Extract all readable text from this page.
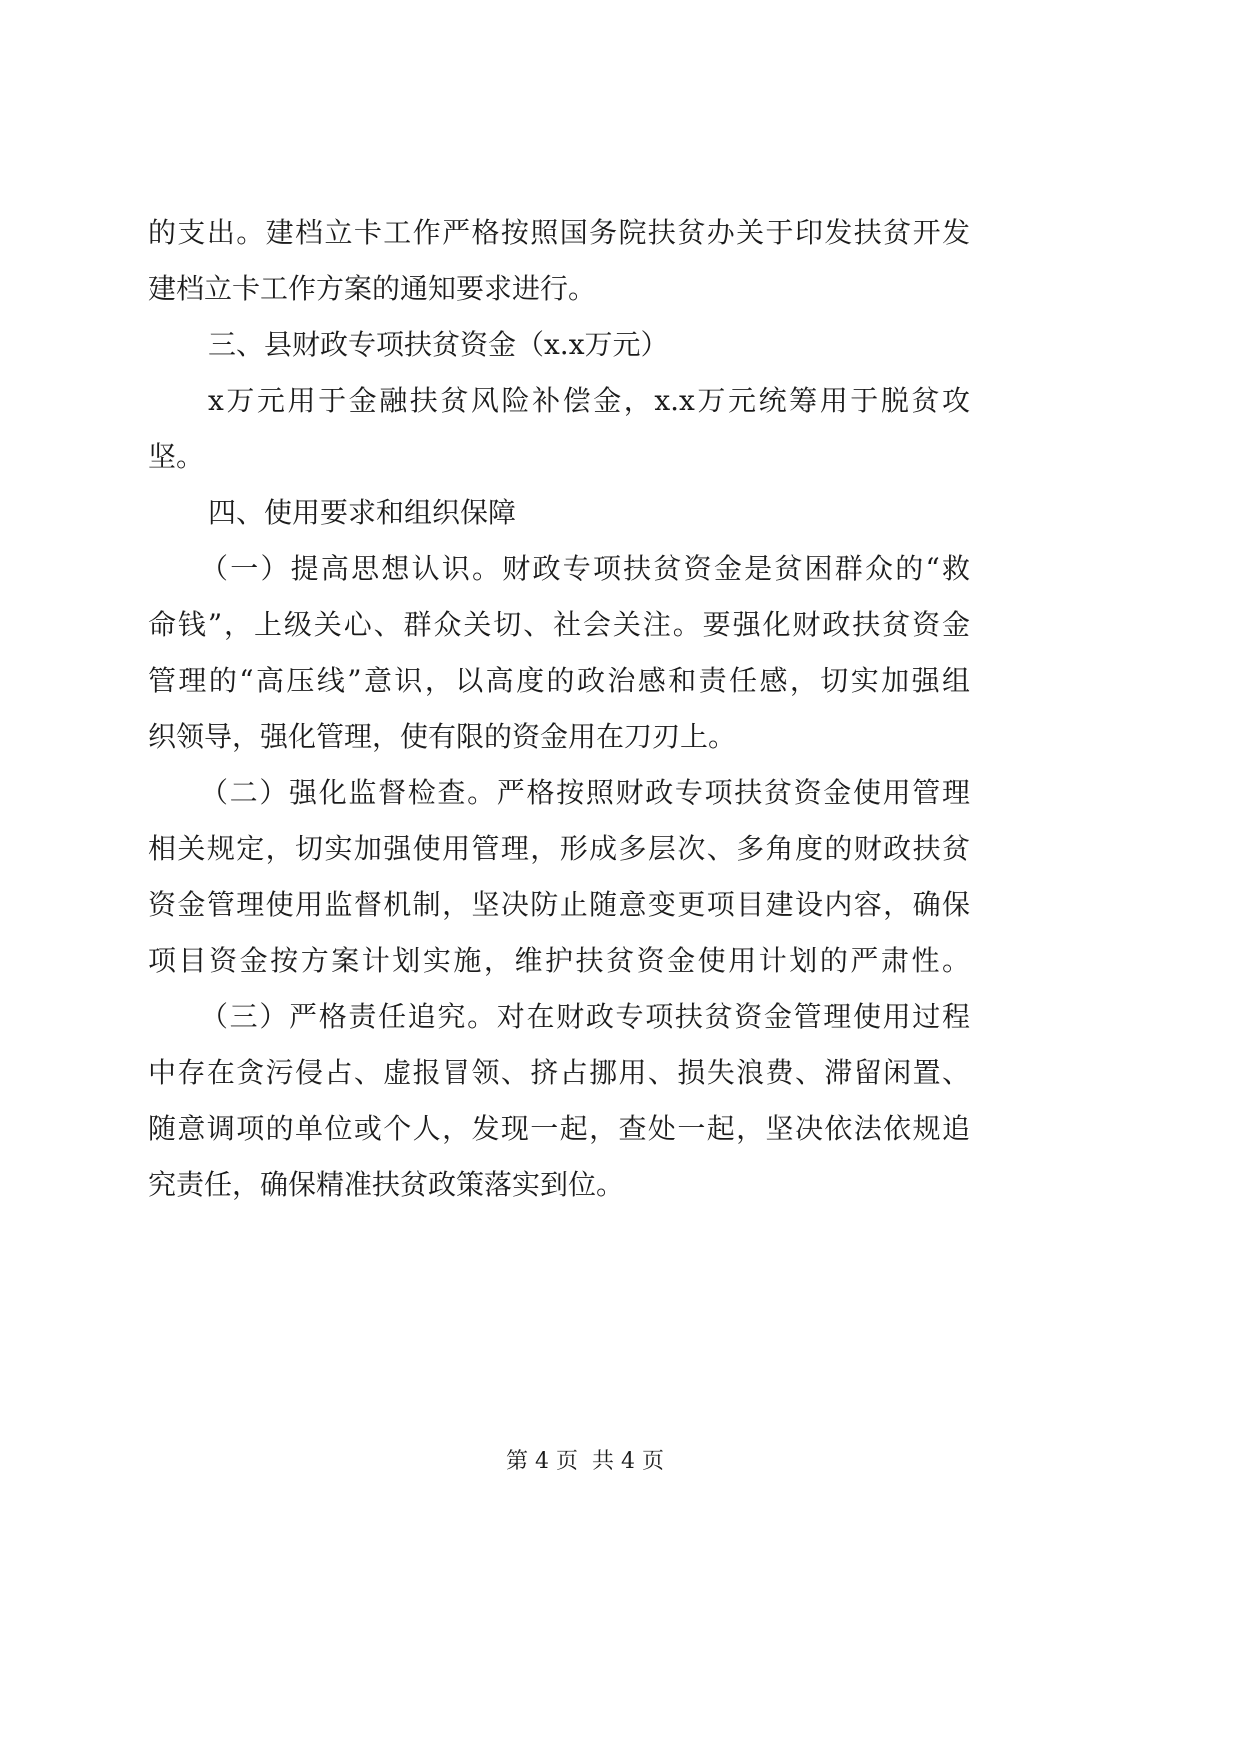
的支出。建档立卡工作严格按照国务院扶贫办关于印发扶贫开发
建档立卡工作方案的通知要求进行。
三、县财政专项扶贫资金（x.x万元）
x万元用于金融扶贫风险补偿金，x.x万元统筹用于脱贫攻
坚。
四、使用要求和组织保障
（一）提高思想认识。财政专项扶贫资金是贫困群众的“救
命钱”，上级关心、群众关切、社会关注。要强化财政扶贫资金
管理的“高压线”意识，以高度的政治感和责任感，切实加强组
织领导，强化管理，使有限的资金用在刀刃上。
（二）强化监督检查。严格按照财政专项扶贫资金使用管理
相关规定，切实加强使用管理，形成多层次、多角度的财政扶贫
资金管理使用监督机制，坚决防止随意变更项目建设内容，确保
项目资金按方案计划实施，维护扶贫资金使用计划的严肃性。
（三）严格责任追究。对在财政专项扶贫资金管理使用过程
中存在贪污侵占、虚报冒领、挤占挪用、损失浪费、滞留闲置、
随意调项的单位或个人，发现一起，查处一起，坚决依法依规追
究责任，确保精准扶贫政策落实到位。
第 4 页  共 4 页
